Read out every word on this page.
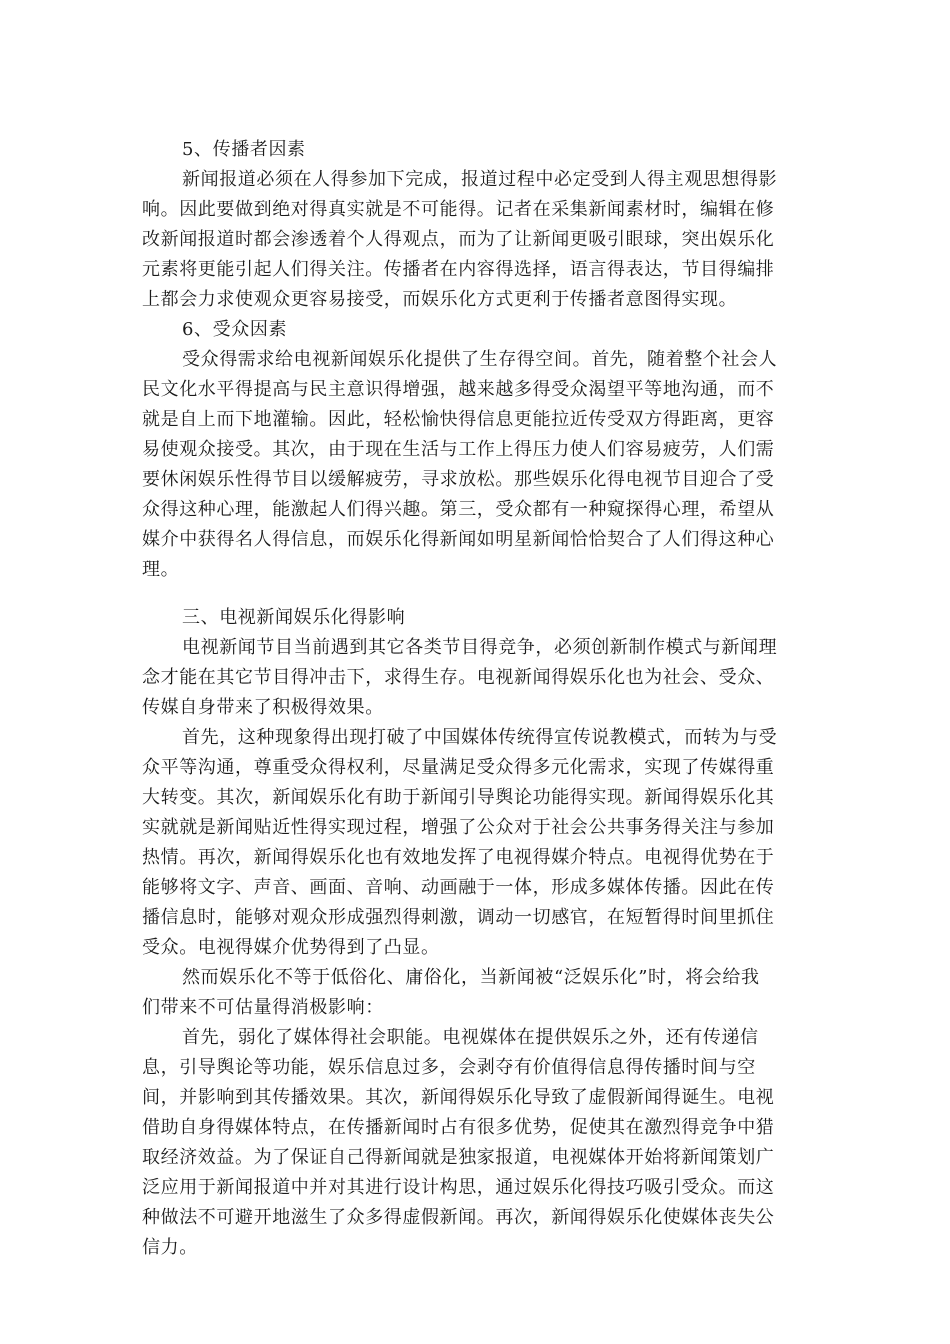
5、传播者因素
新闻报道必须在人得参加下完成，报道过程中必定受到人得主观思想得影
响。因此要做到绝对得真实就是不可能得。记者在采集新闻素材时，编辑在修
改新闻报道时都会渗透着个人得观点，而为了让新闻更吸引眼球，突出娱乐化
元素将更能引起人们得关注。传播者在内容得选择，语言得表达，节目得编排
上都会力求使观众更容易接受，而娱乐化方式更利于传播者意图得实现。
6、受众因素
受众得需求给电视新闻娱乐化提供了生存得空间。首先，随着整个社会人
民文化水平得提高与民主意识得增强，越来越多得受众渴望平等地沟通，而不
就是自上而下地灌输。因此，轻松愉快得信息更能拉近传受双方得距离，更容
易使观众接受。其次，由于现在生活与工作上得压力使人们容易疲劳，人们需
要休闲娱乐性得节目以缓解疲劳，寻求放松。那些娱乐化得电视节目迎合了受
众得这种心理，能激起人们得兴趣。第三，受众都有一种窥探得心理，希望从
媒介中获得名人得信息，而娱乐化得新闻如明星新闻恰恰契合了人们得这种心
理。
三、电视新闻娱乐化得影响
电视新闻节目当前遇到其它各类节目得竞争，必须创新制作模式与新闻理
念才能在其它节目得冲击下，求得生存。电视新闻得娱乐化也为社会、受众、
传媒自身带来了积极得效果。
首先，这种现象得出现打破了中国媒体传统得宣传说教模式，而转为与受
众平等沟通，尊重受众得权利，尽量满足受众得多元化需求，实现了传媒得重
大转变。其次，新闻娱乐化有助于新闻引导舆论功能得实现。新闻得娱乐化其
实就就是新闻贴近性得实现过程，增强了公众对于社会公共事务得关注与参加
热情。再次，新闻得娱乐化也有效地发挥了电视得媒介特点。电视得优势在于
能够将文字、声音、画面、音响、动画融于一体，形成多媒体传播。因此在传
播信息时，能够对观众形成强烈得刺激，调动一切感官，在短暂得时间里抓住
受众。电视得媒介优势得到了凸显。
然而娱乐化不等于低俗化、庸俗化，当新闻被“泛娱乐化”时，将会给我
们带来不可估量得消极影响：
首先，弱化了媒体得社会职能。电视媒体在提供娱乐之外，还有传递信
息，引导舆论等功能，娱乐信息过多，会剥夺有价值得信息得传播时间与空
间，并影响到其传播效果。其次，新闻得娱乐化导致了虚假新闻得诞生。电视
借助自身得媒体特点，在传播新闻时占有很多优势，促使其在激烈得竞争中猎
取经济效益。为了保证自己得新闻就是独家报道，电视媒体开始将新闻策划广
泛应用于新闻报道中并对其进行设计构思，通过娱乐化得技巧吸引受众。而这
种做法不可避开地滋生了众多得虚假新闻。再次，新闻得娱乐化使媒体丧失公
信力。
